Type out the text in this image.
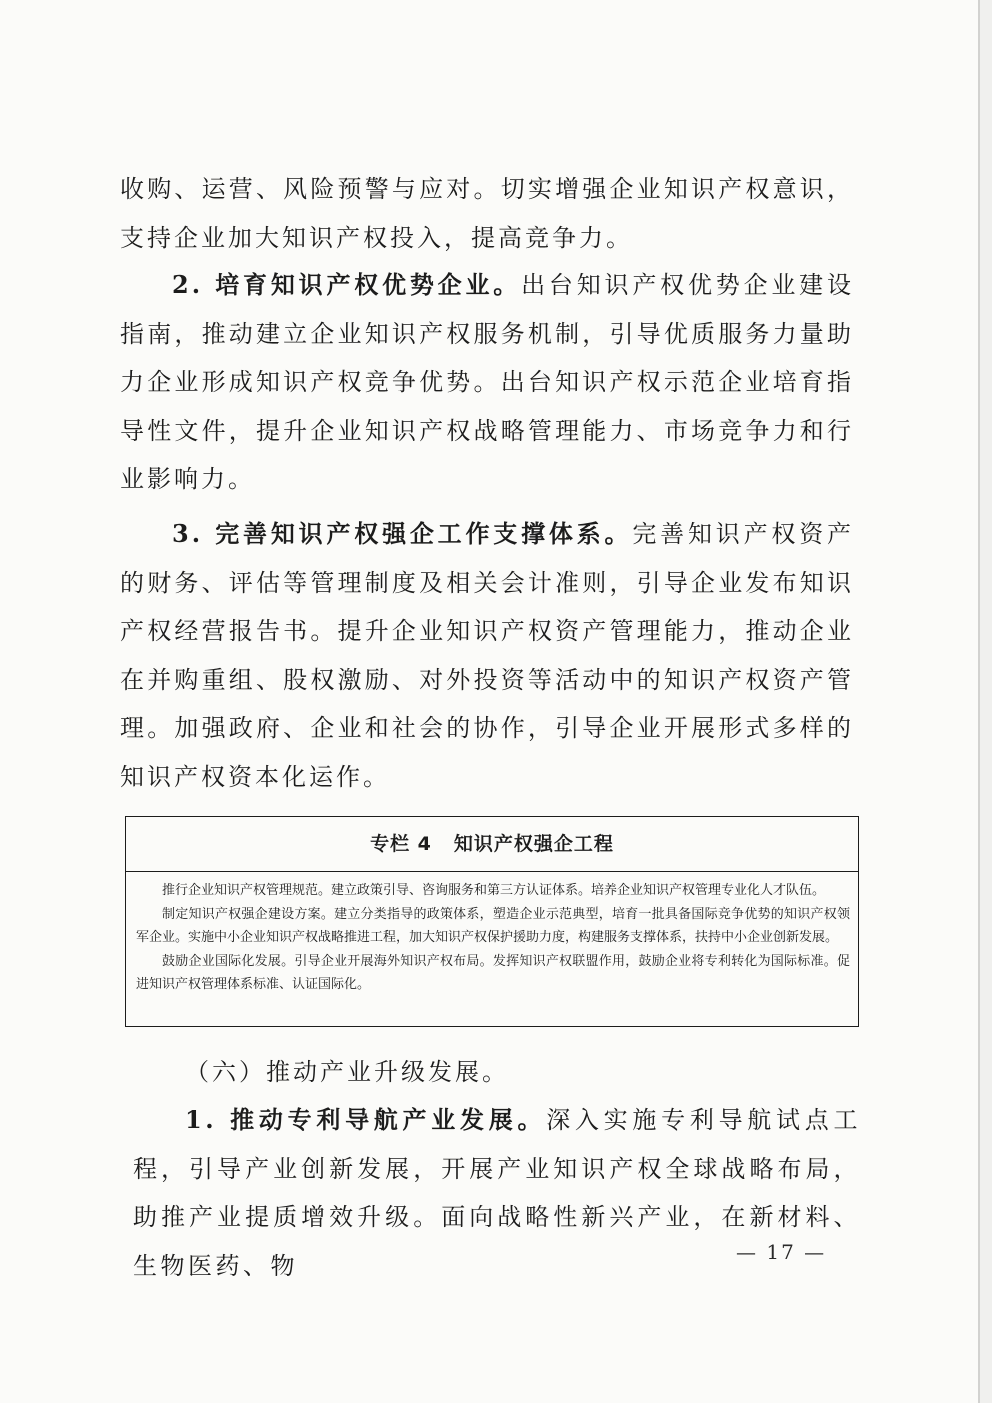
收购、运营、风险预警与应对。切实增强企业知识产权意识，支持企业加大知识产权投入，提高竞争力。

2. 培育知识产权优势企业。出台知识产权优势企业建设指南，推动建立企业知识产权服务机制，引导优质服务力量助力企业形成知识产权竞争优势。出台知识产权示范企业培育指导性文件，提升企业知识产权战略管理能力、市场竞争力和行业影响力。

3. 完善知识产权强企工作支撑体系。完善知识产权资产的财务、评估等管理制度及相关会计准则，引导企业发布知识产权经营报告书。提升企业知识产权资产管理能力，推动企业在并购重组、股权激励、对外投资等活动中的知识产权资产管理。加强政府、企业和社会的协作，引导企业开展形式多样的知识产权资本化运作。

专栏 4 知识产权强企工程

推行企业知识产权管理规范。建立政策引导、咨询服务和第三方认证体系。培养企业知识产权管理专业化人才队伍。

制定知识产权强企建设方案。建立分类指导的政策体系，塑造企业示范典型，培育一批具备国际竞争优势的知识产权领军企业。实施中小企业知识产权战略推进工程，加大知识产权保护援助力度，构建服务支撑体系，扶持中小企业创新发展。

鼓励企业国际化发展。引导企业开展海外知识产权布局。发挥知识产权联盟作用，鼓励企业将专利转化为国际标准。促进知识产权管理体系标准、认证国际化。

（六）推动产业升级发展。

1. 推动专利导航产业发展。深入实施专利导航试点工程，引导产业创新发展，开展产业知识产权全球战略布局，助推产业提质增效升级。面向战略性新兴产业，在新材料、生物医药、物	— 17 —
